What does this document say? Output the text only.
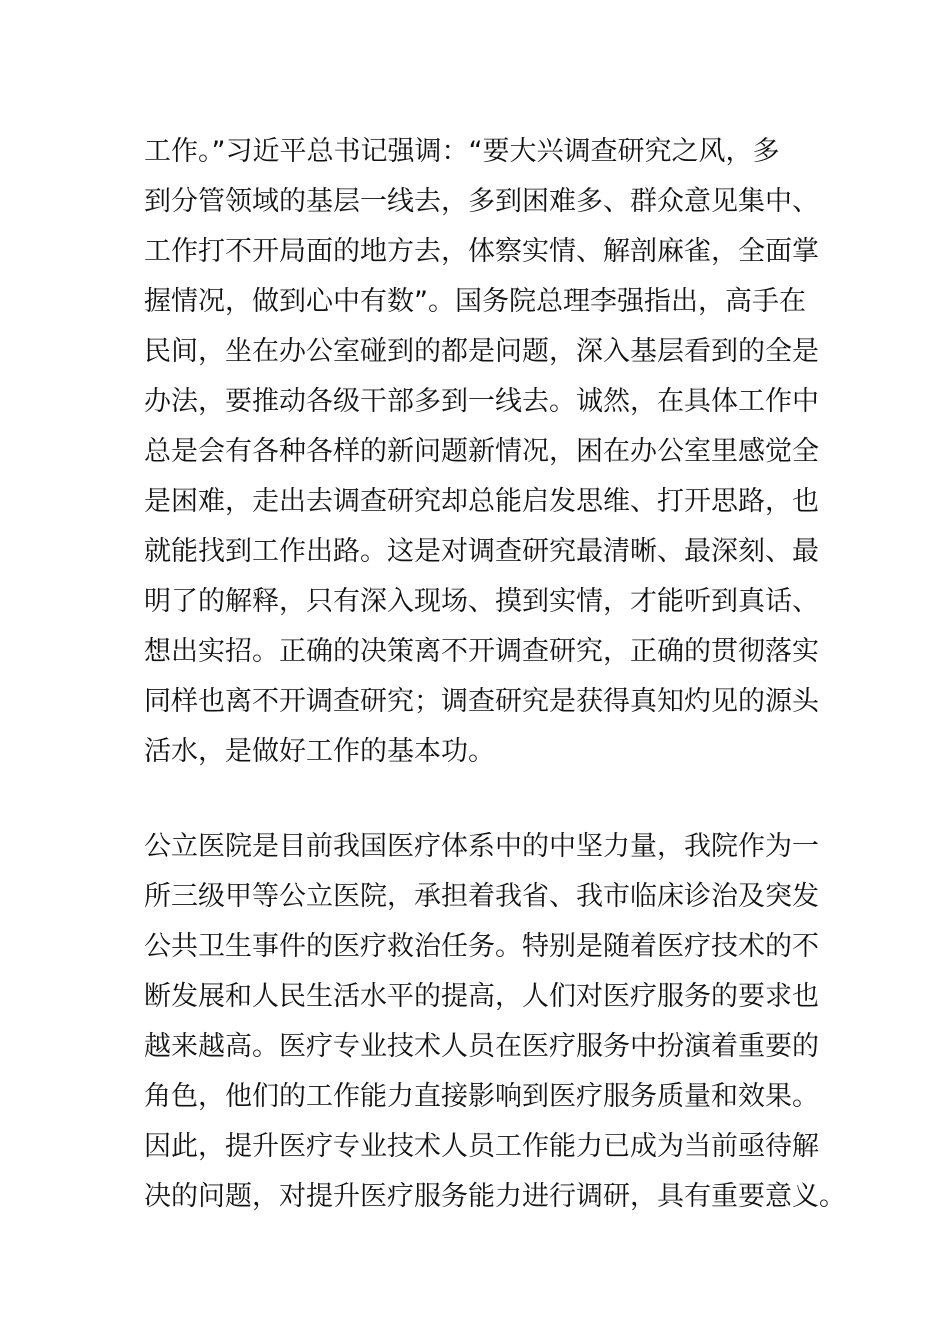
工作。”习近平总书记强调：“要大兴调查研究之风，多
到分管领域的基层一线去，多到困难多、群众意见集中、
工作打不开局面的地方去，体察实情、解剖麻雀，全面掌
握情况，做到心中有数”。国务院总理李强指出，高手在
民间，坐在办公室碰到的都是问题，深入基层看到的全是
办法，要推动各级干部多到一线去。诚然，在具体工作中
总是会有各种各样的新问题新情况，困在办公室里感觉全
是困难，走出去调查研究却总能启发思维、打开思路，也
就能找到工作出路。这是对调查研究最清晰、最深刻、最
明了的解释，只有深入现场、摸到实情，才能听到真话、
想出实招。正确的决策离不开调查研究，正确的贯彻落实
同样也离不开调查研究；调查研究是获得真知灼见的源头
活水，是做好工作的基本功。
公立医院是目前我国医疗体系中的中坚力量，我院作为一
所三级甲等公立医院，承担着我省、我市临床诊治及突发
公共卫生事件的医疗救治任务。特别是随着医疗技术的不
断发展和人民生活水平的提高，人们对医疗服务的要求也
越来越高。医疗专业技术人员在医疗服务中扮演着重要的
角色，他们的工作能力直接影响到医疗服务质量和效果。
因此，提升医疗专业技术人员工作能力已成为当前亟待解
决的问题，对提升医疗服务能力进行调研，具有重要意义。
